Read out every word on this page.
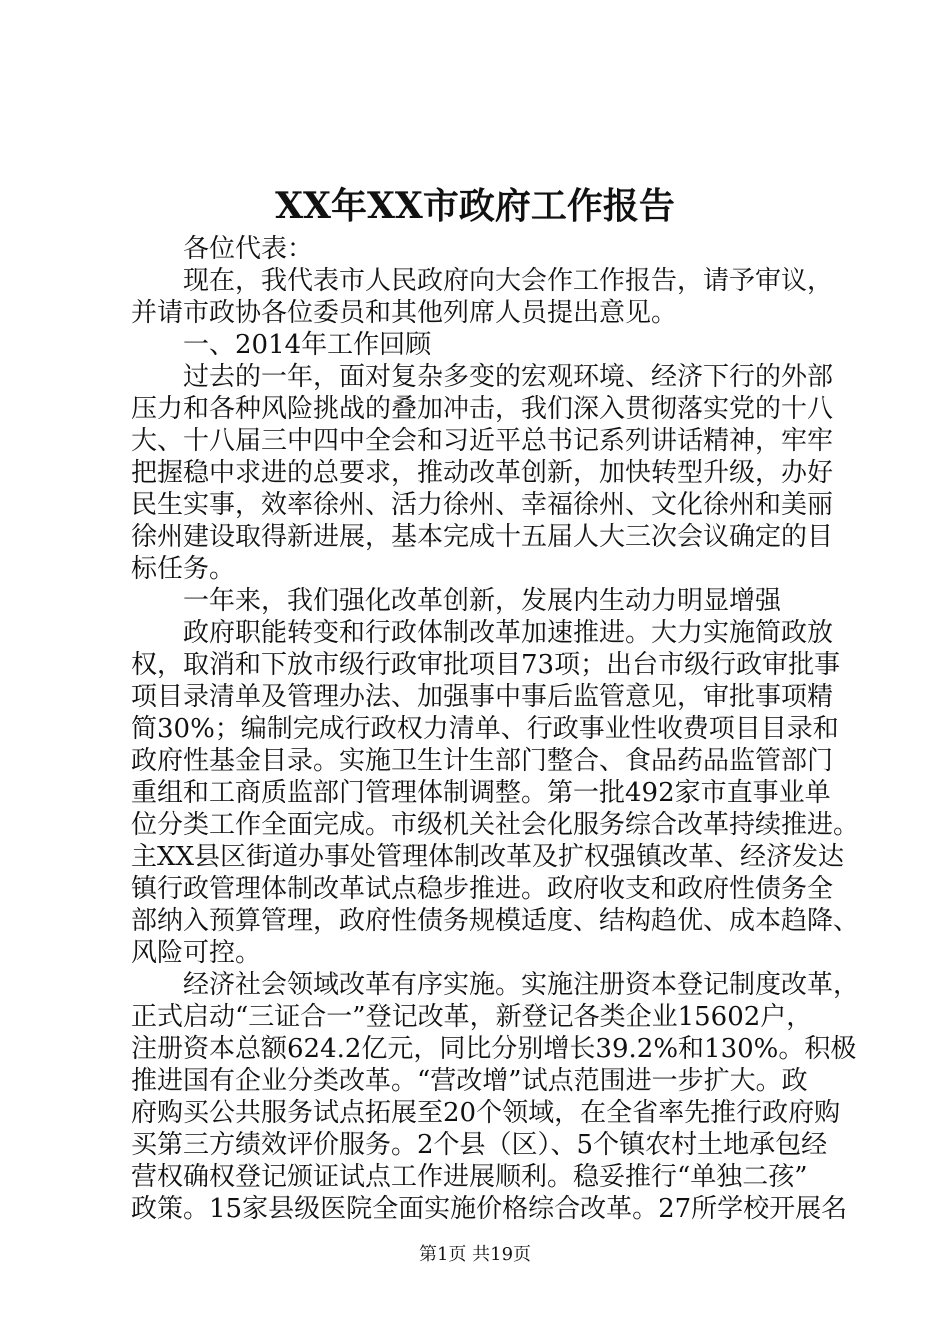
XX年XX市政府工作报告
各位代表：
现在，我代表市人民政府向大会作工作报告，请予审议，
并请市政协各位委员和其他列席人员提出意见。
一、2014年工作回顾
过去的一年，面对复杂多变的宏观环境、经济下行的外部
压力和各种风险挑战的叠加冲击，我们深入贯彻落实党的十八
大、十八届三中四中全会和习近平总书记系列讲话精神，牢牢
把握稳中求进的总要求，推动改革创新，加快转型升级，办好
民生实事，效率徐州、活力徐州、幸福徐州、文化徐州和美丽
徐州建设取得新进展，基本完成十五届人大三次会议确定的目
标任务。
一年来，我们强化改革创新，发展内生动力明显增强
政府职能转变和行政体制改革加速推进。大力实施简政放
权，取消和下放市级行政审批项目73项；出台市级行政审批事
项目录清单及管理办法、加强事中事后监管意见，审批事项精
简30%；编制完成行政权力清单、行政事业性收费项目目录和
政府性基金目录。实施卫生计生部门整合、食品药品监管部门
重组和工商质监部门管理体制调整。第一批492家市直事业单
位分类工作全面完成。市级机关社会化服务综合改革持续推进。
主XX县区街道办事处管理体制改革及扩权强镇改革、经济发达
镇行政管理体制改革试点稳步推进。政府收支和政府性债务全
部纳入预算管理，政府性债务规模适度、结构趋优、成本趋降、
风险可控。
经济社会领域改革有序实施。实施注册资本登记制度改革，
正式启动“三证合一”登记改革，新登记各类企业15602户，
注册资本总额624.2亿元，同比分别增长39.2%和130%。积极
推进国有企业分类改革。“营改增”试点范围进一步扩大。政
府购买公共服务试点拓展至20个领域，在全省率先推行政府购
买第三方绩效评价服务。2个县（区）、5个镇农村土地承包经
营权确权登记颁证试点工作进展顺利。稳妥推行“单独二孩”
政策。15家县级医院全面实施价格综合改革。27所学校开展名
第1页 共19页
